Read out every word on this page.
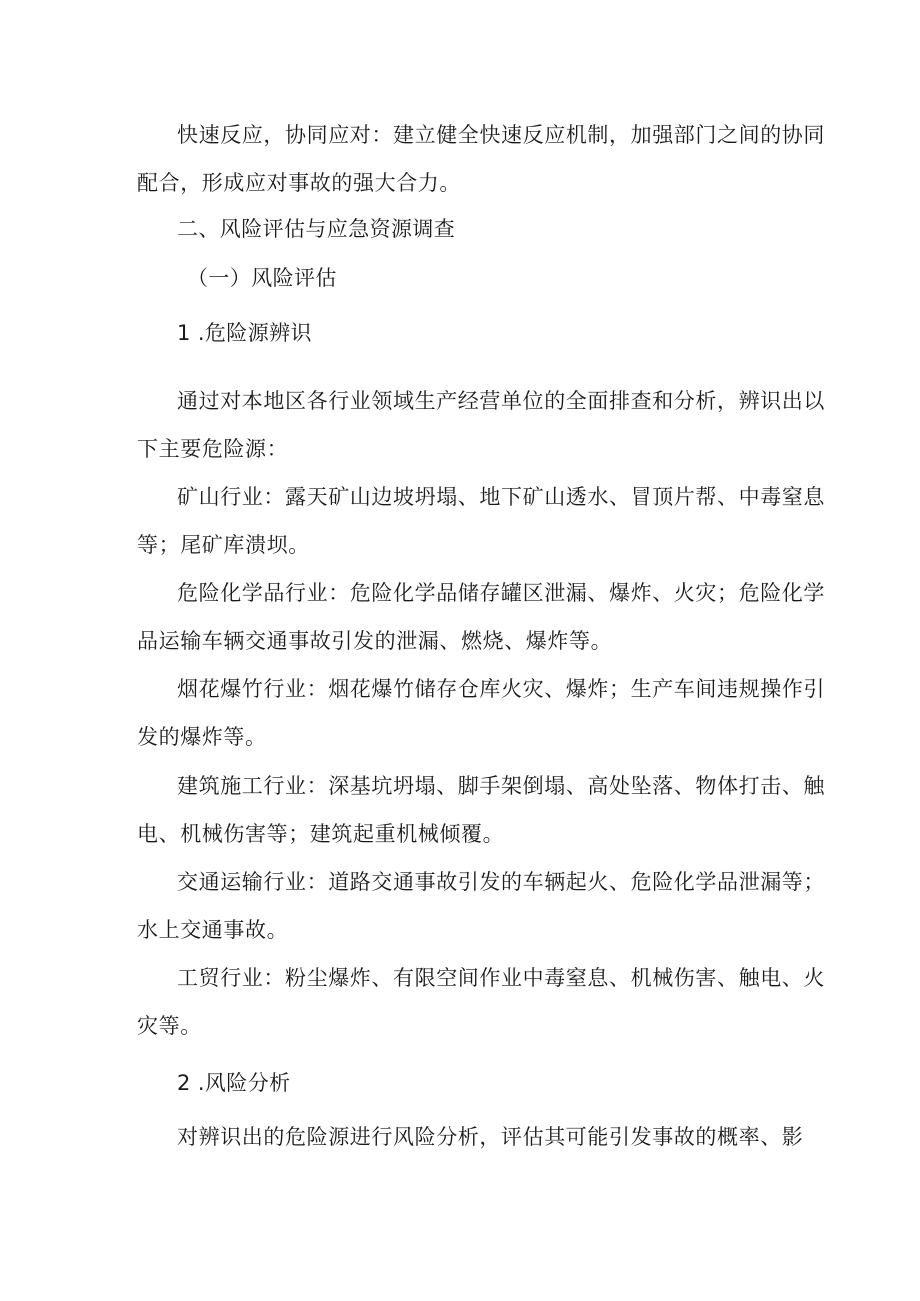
快速反应，协同应对：建立健全快速反应机制，加强部门之间的协同
配合，形成应对事故的强大合力。
二、风险评估与应急资源调查
（一）风险评估
1 .危险源辨识
通过对本地区各行业领域生产经营单位的全面排查和分析，辨识出以
下主要危险源：
矿山行业：露天矿山边坡坍塌、地下矿山透水、冒顶片帮、中毒窒息
等；尾矿库溃坝。
危险化学品行业：危险化学品储存罐区泄漏、爆炸、火灾；危险化学
品运输车辆交通事故引发的泄漏、燃烧、爆炸等。
烟花爆竹行业：烟花爆竹储存仓库火灾、爆炸；生产车间违规操作引
发的爆炸等。
建筑施工行业：深基坑坍塌、脚手架倒塌、高处坠落、物体打击、触
电、机械伤害等；建筑起重机械倾覆。
交通运输行业：道路交通事故引发的车辆起火、危险化学品泄漏等；
水上交通事故。
工贸行业：粉尘爆炸、有限空间作业中毒窒息、机械伤害、触电、火
灾等。
2 .风险分析
对辨识出的危险源进行风险分析，评估其可能引发事故的概率、影
